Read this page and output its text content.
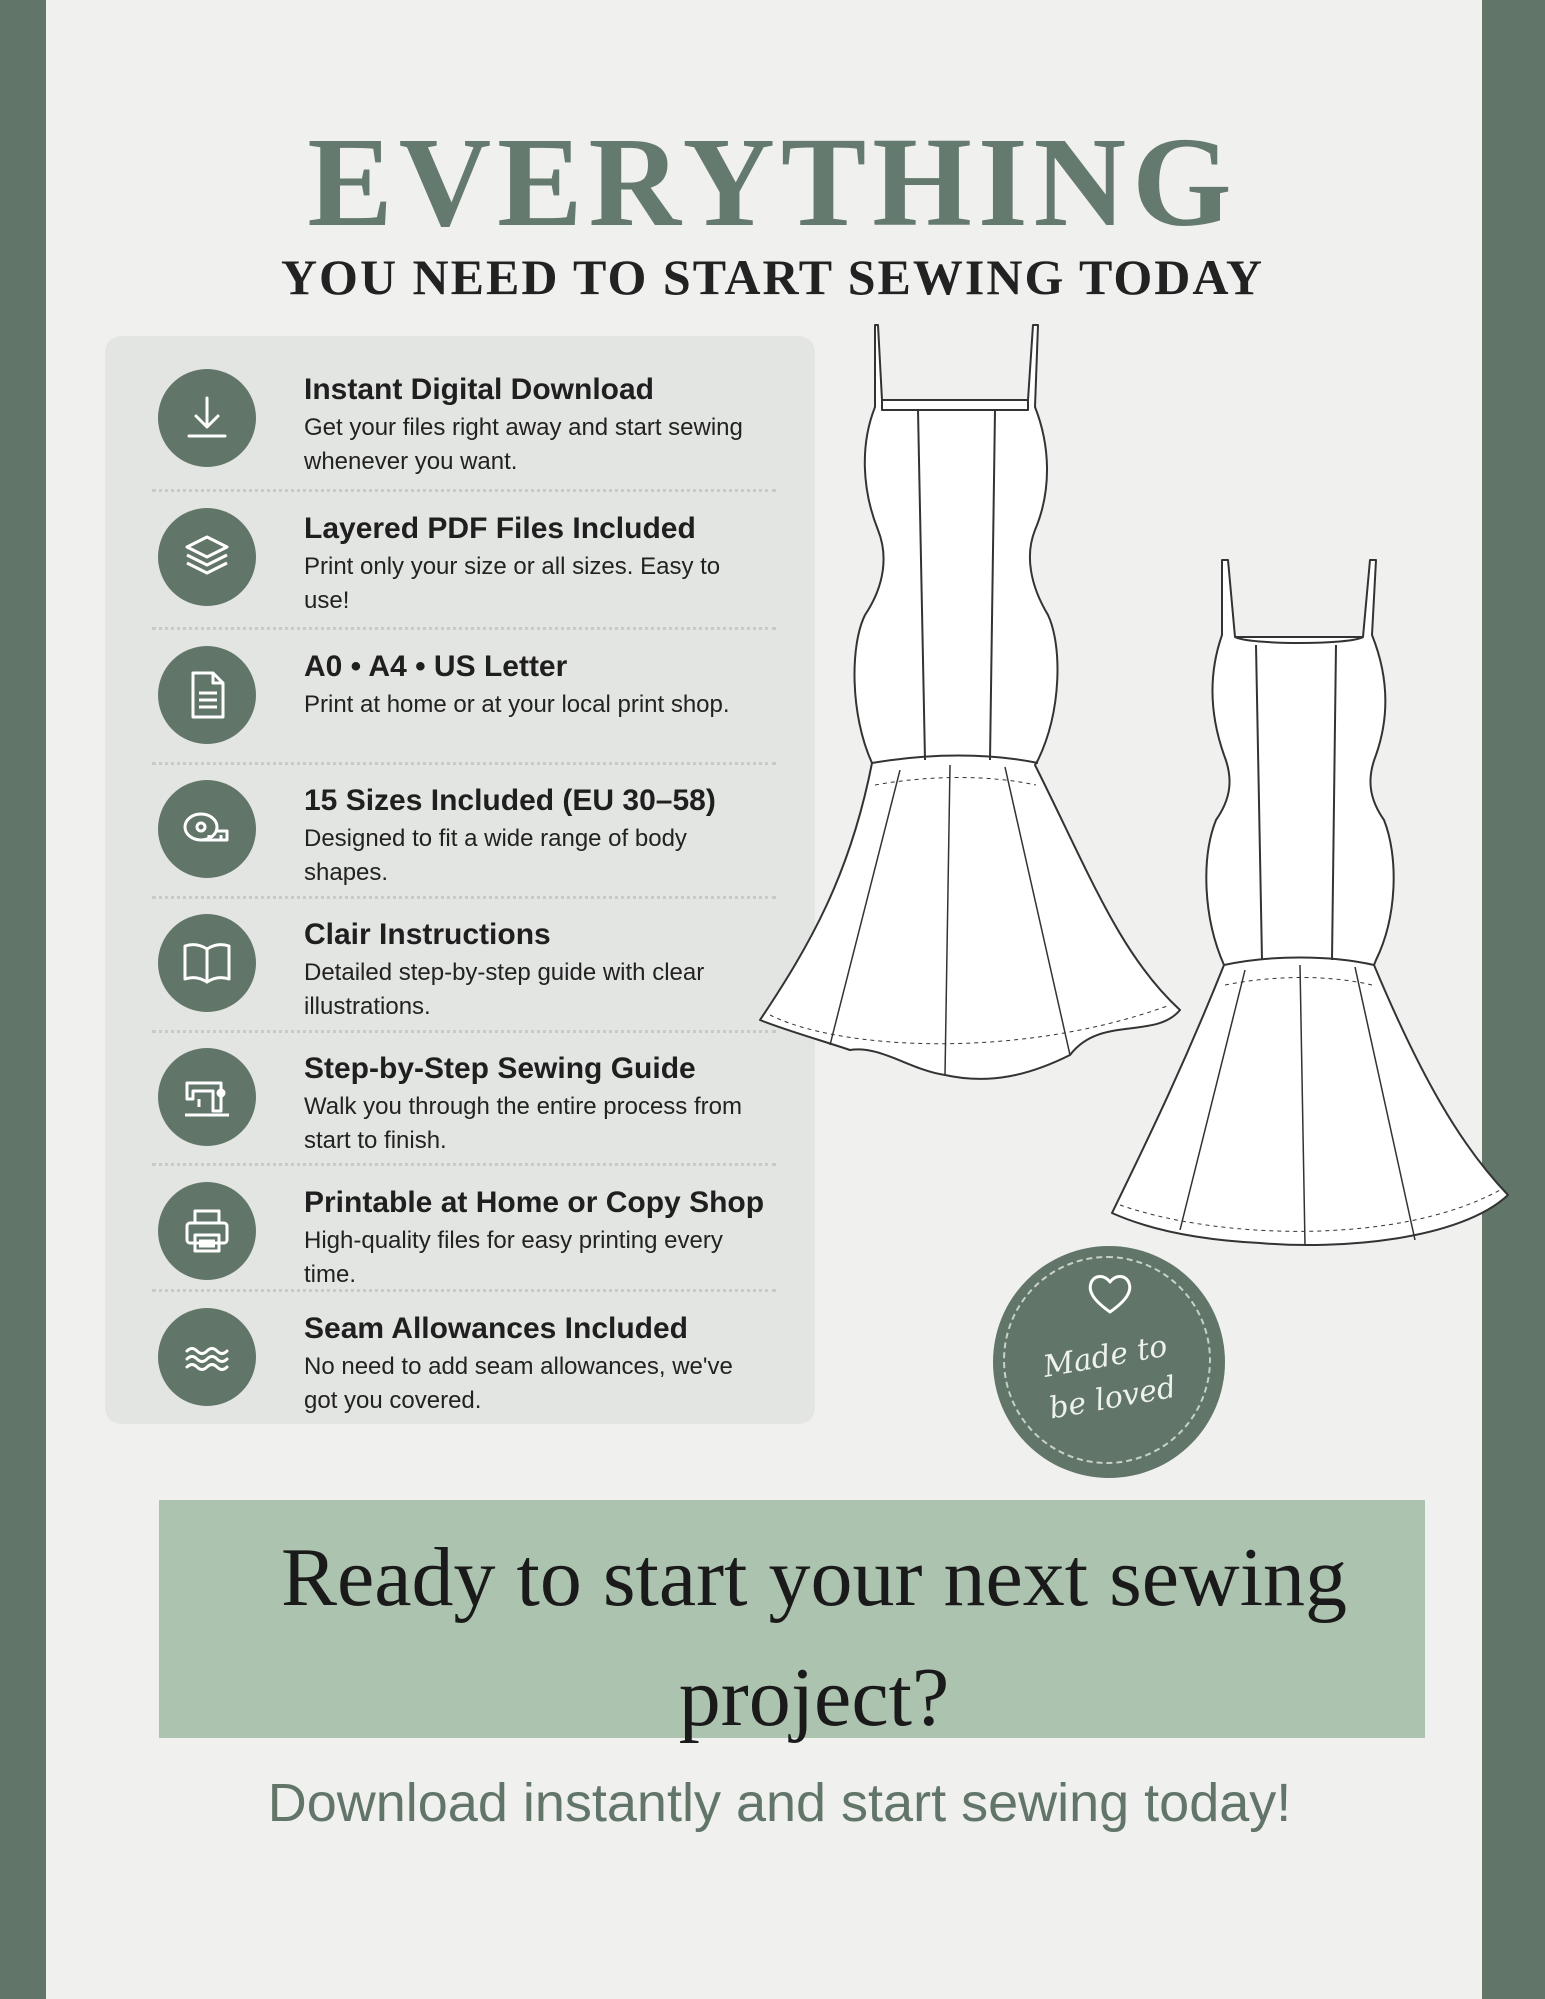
EVERYTHING
YOU NEED TO START SEWING TODAY
Instant Digital Download
Get your files right away and start sewing whenever you want.
Layered PDF Files Included
Print only your size or all sizes. Easy to use!
A0 • A4 • US Letter
Print at home or at your local print shop.
15 Sizes Included (EU 30–58)
Designed to fit a wide range of body shapes.
Clair Instructions
Detailed step-by-step guide with clear illustrations.
Step-by-Step Sewing Guide
Walk you through the entire process from start to finish.
Printable at Home or Copy Shop
High-quality files for easy printing every time.
Seam Allowances Included
No need to add seam allowances, we've got you covered.
Made to
be loved

Ready to start your next sewing project?

Download instantly and start sewing today!
